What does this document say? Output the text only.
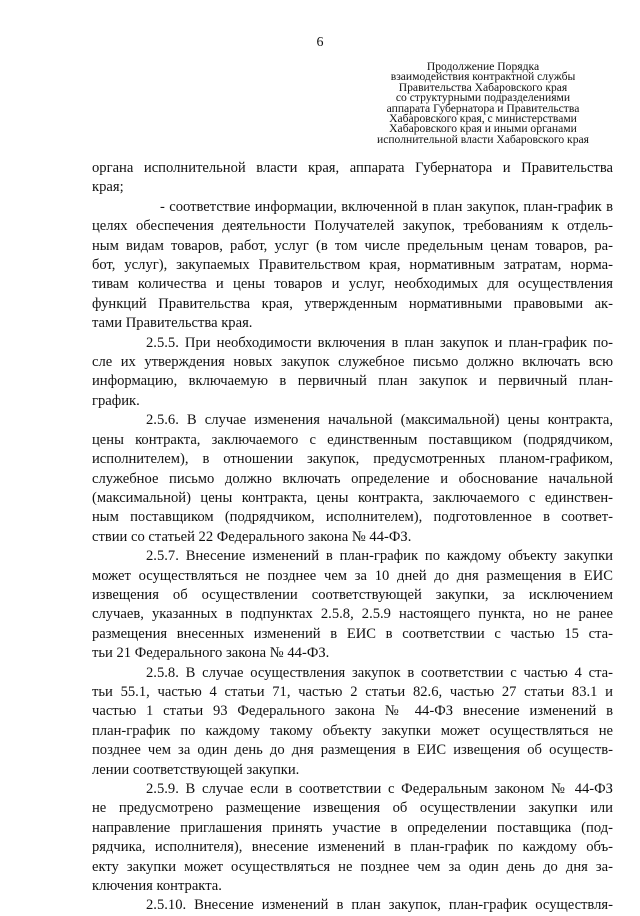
6
Продолжение Порядка
взаимодействия контрактной службы
Правительства Хабаровского края
со структурными подразделениями
аппарата Губернатора и Правительства
Хабаровского края, с министерствами
Хабаровского края и иными органами
исполнительной власти Хабаровского края
органа исполнительной власти края, аппарата Губернатора и Правительства
края;
- соответствие информации, включенной в план закупок, план-график в
целях обеспечения деятельности Получателей закупок, требованиям к отдель-
ным видам товаров, работ, услуг (в том числе предельным ценам товаров, ра-
бот, услуг), закупаемых Правительством края, нормативным затратам, норма-
тивам количества и цены товаров и услуг, необходимых для осуществления
функций Правительства края, утвержденным нормативными правовыми ак-
тами Правительства края.
2.5.5. При необходимости включения в план закупок и план-график по-
сле их утверждения новых закупок служебное письмо должно включать всю
информацию, включаемую в первичный план закупок и первичный план-
график.
2.5.6. В случае изменения начальной (максимальной) цены контракта,
цены контракта, заключаемого с единственным поставщиком (подрядчиком,
исполнителем), в отношении закупок, предусмотренных планом-графиком,
служебное письмо должно включать определение и обоснование начальной
(максимальной) цены контракта, цены контракта, заключаемого с единствен-
ным поставщиком (подрядчиком, исполнителем), подготовленное в соответ-
ствии со статьей 22 Федерального закона № 44-ФЗ.
2.5.7. Внесение изменений в план-график по каждому объекту закупки
может осуществляться не позднее чем за 10 дней до дня размещения в ЕИС
извещения об осуществлении соответствующей закупки, за исключением
случаев, указанных в подпунктах 2.5.8, 2.5.9 настоящего пункта, но не ранее
размещения внесенных изменений в ЕИС в соответствии с частью 15 ста-
тьи 21 Федерального закона № 44-ФЗ.
2.5.8. В случае осуществления закупок в соответствии с частью 4 ста-
тьи 55.1, частью 4 статьи 71, частью 2 статьи 82.6, частью 27 статьи 83.1 и
частью 1 статьи 93 Федерального закона № 44-ФЗ внесение изменений в
план-график по каждому такому объекту закупки может осуществляться не
позднее чем за один день до дня размещения в ЕИС извещения об осуществ-
лении соответствующей закупки.
2.5.9. В случае если в соответствии с Федеральным законом № 44-ФЗ
не предусмотрено размещение извещения об осуществлении закупки или
направление приглашения принять участие в определении поставщика (под-
рядчика, исполнителя), внесение изменений в план-график по каждому объ-
екту закупки может осуществляться не позднее чем за один день до дня за-
ключения контракта.
2.5.10. Внесение изменений в план закупок, план-график осуществля-
